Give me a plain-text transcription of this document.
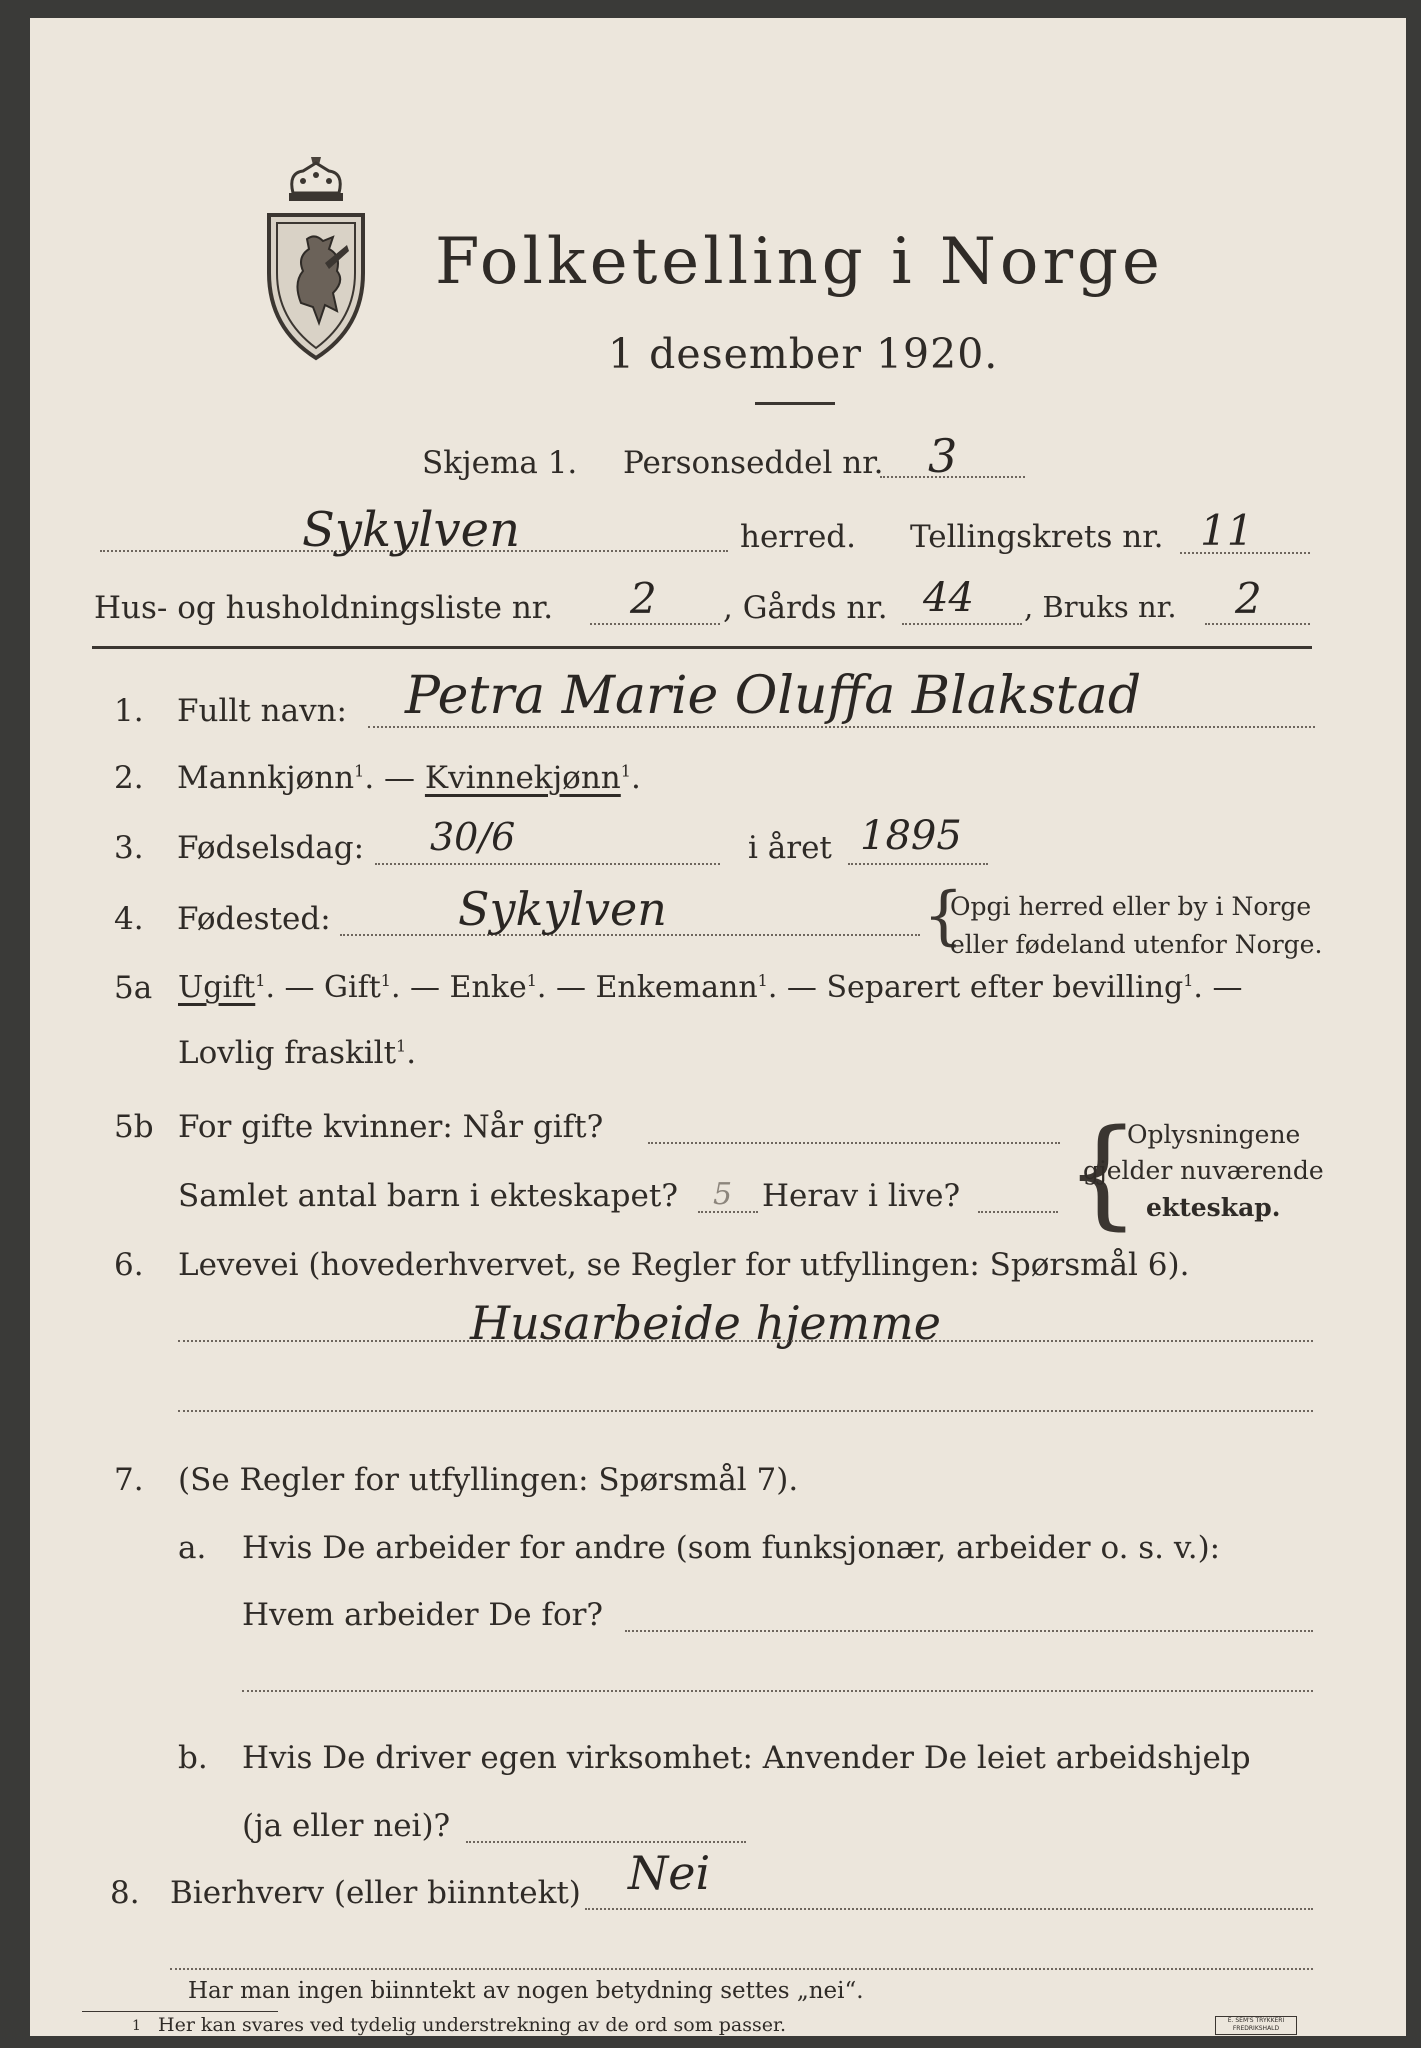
Folketelling i Norge
1 desember 1920.
Skjema 1. Personseddel nr. 3
Sykylven	herred. Tellingskrets nr. 11
Hus- og husholdningsliste nr. 2 , Gårds nr. 44 , Bruks nr. 2
1. Fullt navn: Petra Marie Oluffa Blakstad
2. Mannkjønn$^1$. — Kvinnekjønn$^1$.
3. Fødselsdag: 30/6	i året 1895
4. Fødested:	Sykylven	{
Opgi herred eller by i Norge
eller fødeland utenfor Norge.
5a Ugift$^1$. — Gift$^1$. — Enke$^1$. — Enkemann$^1$. — Separert efter bevilling$^1$. —
Lovlig fraskilt$^1$.
5b For gifte kvinner: Når gift?
Samlet antal barn i ekteskapet? 5 Herav i live? {
Oplysningene
gjelder nuværende
ekteskap.
6. Levevei (hovederhvervet, se Regler for utfyllingen: Spørsmål 6).
Husarbeide hjemme
7. (Se Regler for utfyllingen: Spørsmål 7).
a. Hvis De arbeider for andre (som funksjonær, arbeider o. s. v.):
Hvem arbeider De for?
b. Hvis De driver egen virksomhet: Anvender De leiet arbeidshjelp
(ja eller nei)?
8. Bierhverv (eller biinntekt) Nei
Har man ingen biinntekt av nogen betydning settes „nei“.
1 Her kan svares ved tydelig understrekning av de ord som passer.	E. SEM'S TRYKKERI
FREDRIKSHALD
